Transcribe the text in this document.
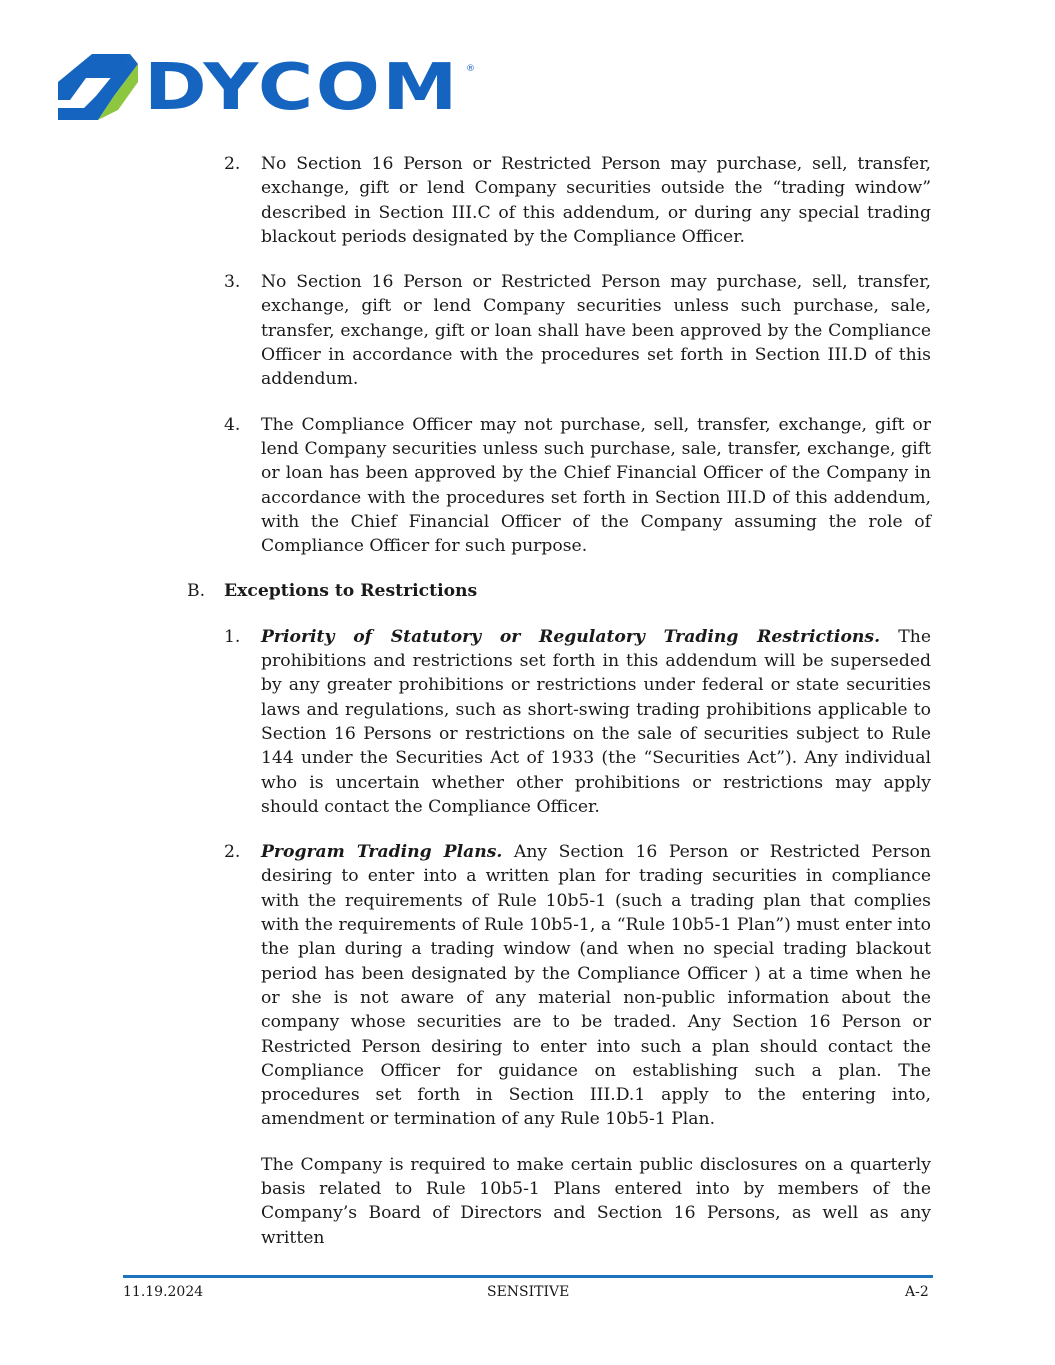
DYCOM ®
2.	No Section 16 Person or Restricted Person may purchase, sell, transfer, exchange, gift or lend Company securities outside the “trading window” described in Section III.C of this addendum, or during any special trading blackout periods designated by the Compliance Officer.
3.	No Section 16 Person or Restricted Person may purchase, sell, transfer, exchange, gift or lend Company securities unless such purchase, sale, transfer, exchange, gift or loan shall have been approved by the Compliance Officer in accordance with the procedures set forth in Section III.D of this addendum.
4.	The Compliance Officer may not purchase, sell, transfer, exchange, gift or lend Company securities unless such purchase, sale, transfer, exchange, gift or loan has been approved by the Chief Financial Officer of the Company in accordance with the procedures set forth in Section III.D of this addendum, with the Chief Financial Officer of the Company assuming the role of Compliance Officer for such purpose.
B.	Exceptions to Restrictions
1.	Priority of Statutory or Regulatory Trading Restrictions. The prohibitions and restrictions set forth in this addendum will be superseded by any greater prohibitions or restrictions under federal or state securities laws and regulations, such as short-swing trading prohibitions applicable to Section 16 Persons or restrictions on the sale of securities subject to Rule 144 under the Securities Act of 1933 (the “Securities Act”). Any individual who is uncertain whether other prohibitions or restrictions may apply should contact the Compliance Officer.
2.	Program Trading Plans. Any Section 16 Person or Restricted Person desiring to enter into a written plan for trading securities in compliance with the requirements of Rule 10b5-1 (such a trading plan that complies with the requirements of Rule 10b5-1, a “Rule 10b5-1 Plan”) must enter into the plan during a trading window (and when no special trading blackout period has been designated by the Compliance Officer ) at a time when he or she is not aware of any material non-public information about the company whose securities are to be traded. Any Section 16 Person or Restricted Person desiring to enter into such a plan should contact the Compliance Officer for guidance on establishing such a plan. The procedures set forth in Section III.D.1 apply to the entering into, amendment or termination of any Rule 10b5-1 Plan.
The Company is required to make certain public disclosures on a quarterly basis related to Rule 10b5-1 Plans entered into by members of the Company’s Board of Directors and Section 16 Persons, as well as any written
11.19.2024	SENSITIVE	A-2
